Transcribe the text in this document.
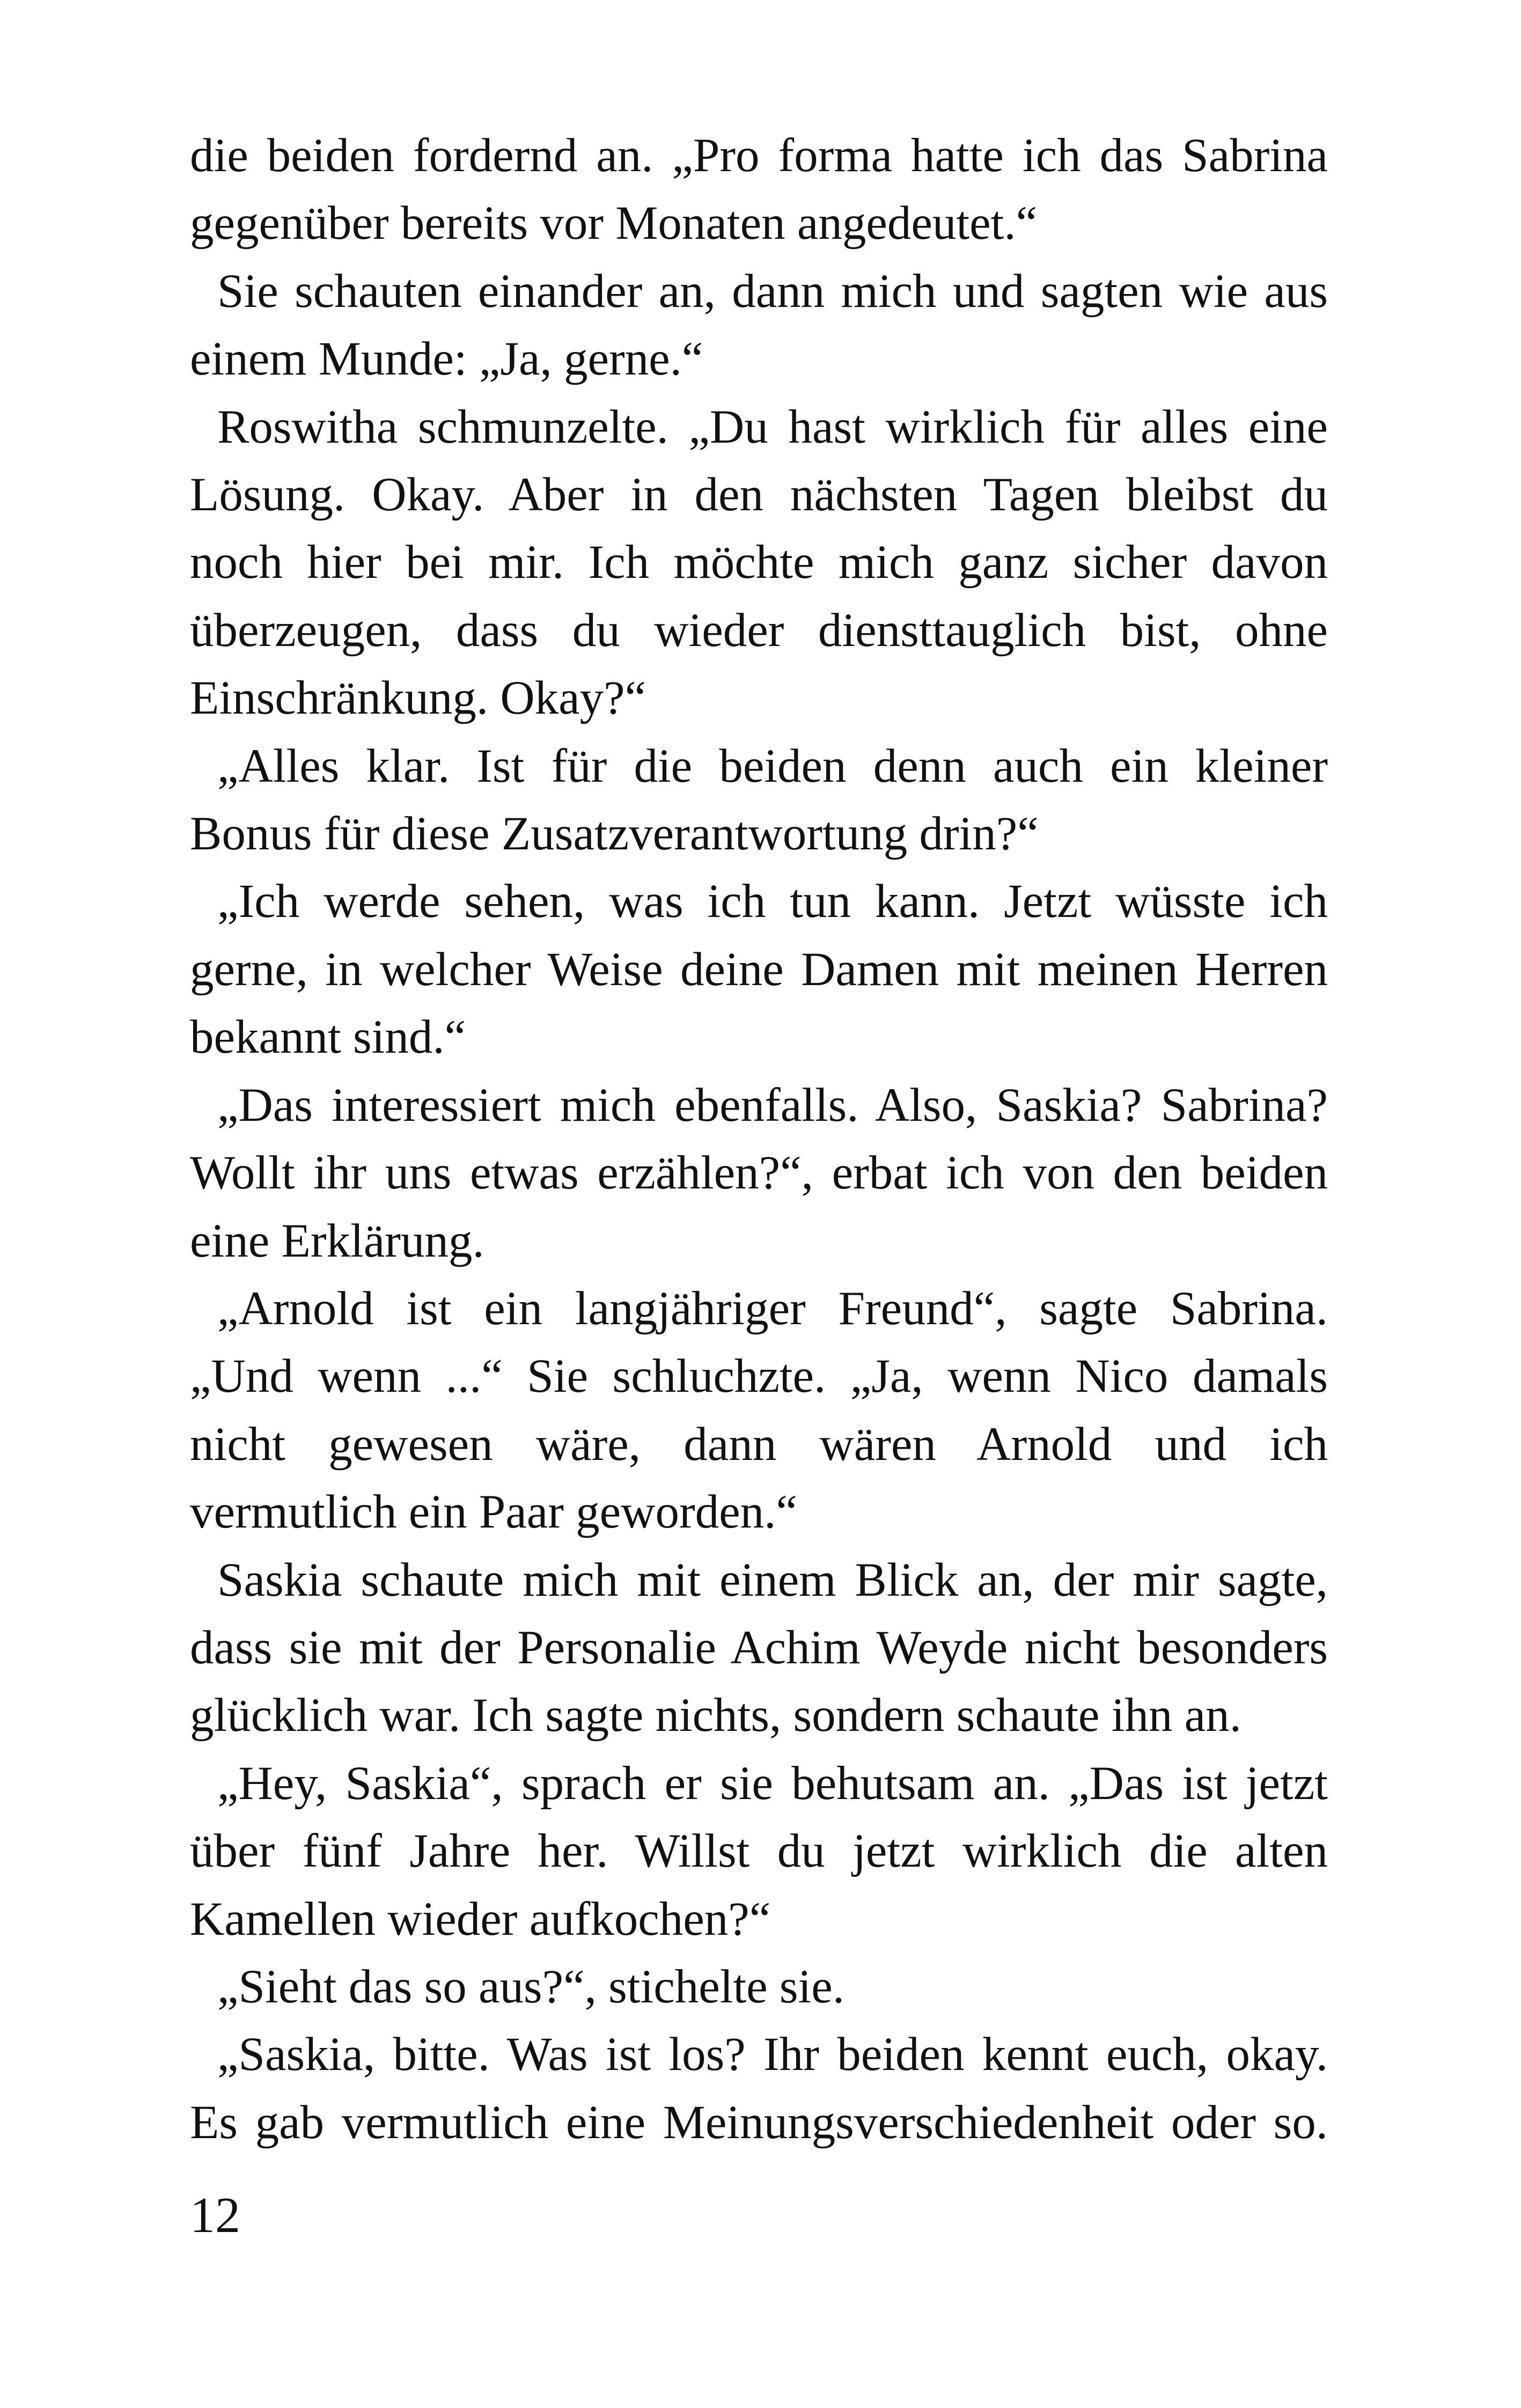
die beiden fordernd an. „Pro forma hatte ich das Sabrina
gegenüber bereits vor Monaten angedeutet.“
Sie schauten einander an, dann mich und sagten wie aus
einem Munde: „Ja, gerne.“
Roswitha schmunzelte. „Du hast wirklich für alles eine
Lösung. Okay. Aber in den nächsten Tagen bleibst du
noch hier bei mir. Ich möchte mich ganz sicher davon
überzeugen, dass du wieder diensttauglich bist, ohne
Einschränkung. Okay?“
„Alles klar. Ist für die beiden denn auch ein kleiner
Bonus für diese Zusatzverantwortung drin?“
„Ich werde sehen, was ich tun kann. Jetzt wüsste ich
gerne, in welcher Weise deine Damen mit meinen Herren
bekannt sind.“
„Das interessiert mich ebenfalls. Also, Saskia? Sabrina?
Wollt ihr uns etwas erzählen?“, erbat ich von den beiden
eine Erklärung.
„Arnold ist ein langjähriger Freund“, sagte Sabrina.
„Und wenn ...“ Sie schluchzte. „Ja, wenn Nico damals
nicht gewesen wäre, dann wären Arnold und ich
vermutlich ein Paar geworden.“
Saskia schaute mich mit einem Blick an, der mir sagte,
dass sie mit der Personalie Achim Weyde nicht besonders
glücklich war. Ich sagte nichts, sondern schaute ihn an.
„Hey, Saskia“, sprach er sie behutsam an. „Das ist jetzt
über fünf Jahre her. Willst du jetzt wirklich die alten
Kamellen wieder aufkochen?“
„Sieht das so aus?“, stichelte sie.
„Saskia, bitte. Was ist los? Ihr beiden kennt euch, okay.
Es gab vermutlich eine Meinungsverschiedenheit oder so.
12
